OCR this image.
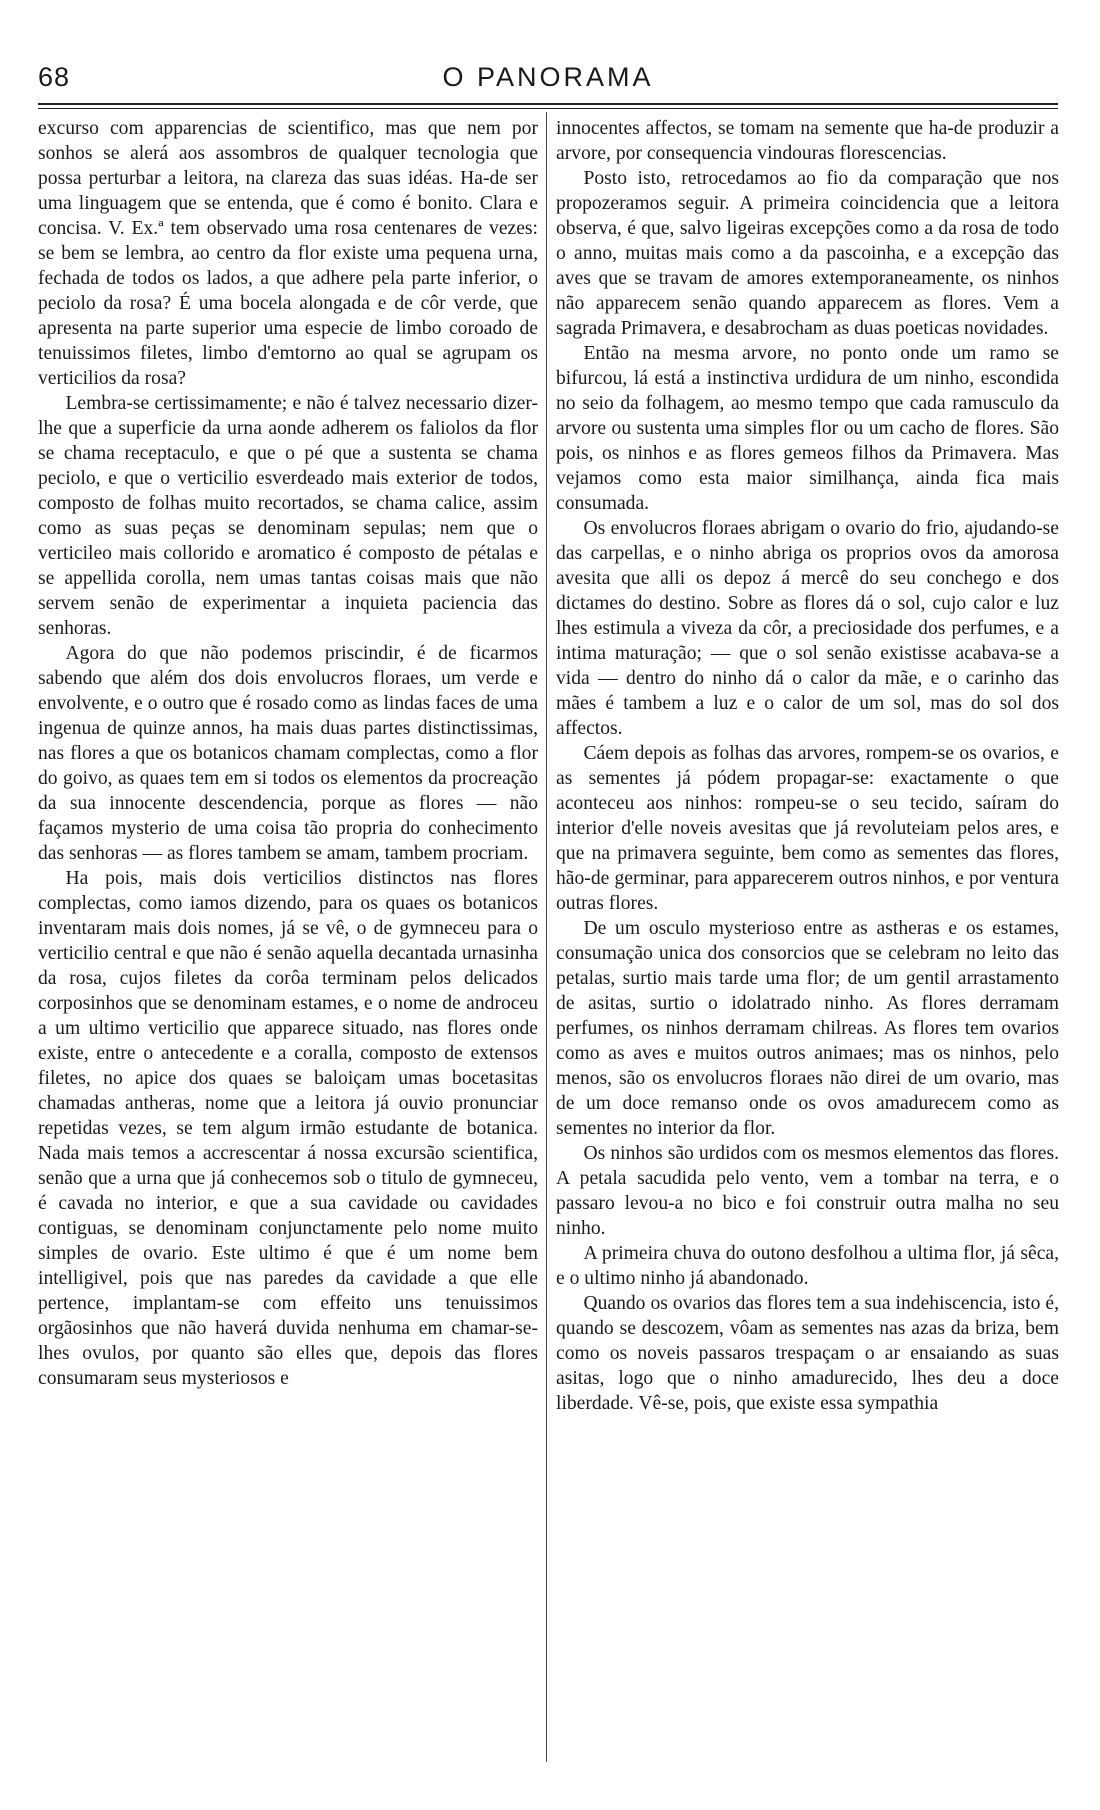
68	O PANORAMA

excurso com apparencias de scientifico, mas que nem por sonhos se alerá aos assombros de qualquer tecnologia que possa perturbar a leitora, na clareza das suas idéas. Ha-de ser uma linguagem que se entenda, que é como é bonito. Clara e concisa. V. Ex.ª tem observado uma rosa centenares de vezes: se bem se lembra, ao centro da flor existe uma pequena urna, fechada de todos os lados, a que adhere pela parte inferior, o peciolo da rosa? É uma bocela alongada e de côr verde, que apresenta na parte superior uma especie de limbo coroado de tenuissimos filetes, limbo d'emtorno ao qual se agrupam os verticilios da rosa?

Lembra-se certissimamente; e não é talvez necessario dizer-lhe que a superficie da urna aonde adherem os faliolos da flor se chama receptaculo, e que o pé que a sustenta se chama peciolo, e que o verticilio esverdeado mais exterior de todos, composto de folhas muito recortados, se chama calice, assim como as suas peças se denominam sepulas; nem que o verticileo mais collorido e aromatico é composto de pétalas e se appellida corolla, nem umas tantas coisas mais que não servem senão de experimentar a inquieta paciencia das senhoras.

Agora do que não podemos priscindir, é de ficarmos sabendo que além dos dois envolucros floraes, um verde e envolvente, e o outro que é rosado como as lindas faces de uma ingenua de quinze annos, ha mais duas partes distinctissimas, nas flores a que os botanicos chamam complectas, como a flor do goivo, as quaes tem em si todos os elementos da procreação da sua innocente descendencia, porque as flores — não façamos mysterio de uma coisa tão propria do conhecimento das senhoras — as flores tambem se amam, tambem procriam.

Ha pois, mais dois verticilios distinctos nas flores complectas, como iamos dizendo, para os quaes os botanicos inventaram mais dois nomes, já se vê, o de gymneceu para o verticilio central e que não é senão aquella decantada urnasinha da rosa, cujos filetes da corôa terminam pelos delicados corposinhos que se denominam estames, e o nome de androceu a um ultimo verticilio que apparece situado, nas flores onde existe, entre o antecedente e a coralla, composto de extensos filetes, no apice dos quaes se baloiçam umas bocetasitas chamadas antheras, nome que a leitora já ouvio pronunciar repetidas vezes, se tem algum irmão estudante de botanica. Nada mais temos a accrescentar á nossa excursão scientifica, senão que a urna que já conhecemos sob o titulo de gymneceu, é cavada no interior, e que a sua cavidade ou cavidades contiguas, se denominam conjunctamente pelo nome muito simples de ovario. Este ultimo é que é um nome bem intelligivel, pois que nas paredes da cavidade a que elle pertence, implantam-se com effeito uns tenuissimos orgãosinhos que não haverá duvida nenhuma em chamar-se-lhes ovulos, por quanto são elles que, depois das flores consumaram seus mysteriosos e

innocentes affectos, se tomam na semente que ha-de produzir a arvore, por consequencia vindouras florescencias.

Posto isto, retrocedamos ao fio da comparação que nos propozeramos seguir. A primeira coincidencia que a leitora observa, é que, salvo ligeiras excepções como a da rosa de todo o anno, muitas mais como a da pascoinha, e a excepção das aves que se travam de amores extemporaneamente, os ninhos não apparecem senão quando apparecem as flores. Vem a sagrada Primavera, e desabrocham as duas poeticas novidades.

Então na mesma arvore, no ponto onde um ramo se bifurcou, lá está a instinctiva urdidura de um ninho, escondida no seio da folhagem, ao mesmo tempo que cada ramusculo da arvore ou sustenta uma simples flor ou um cacho de flores. São pois, os ninhos e as flores gemeos filhos da Primavera. Mas vejamos como esta maior similhança, ainda fica mais consumada.

Os envolucros floraes abrigam o ovario do frio, ajudando-se das carpellas, e o ninho abriga os proprios ovos da amorosa avesita que alli os depoz á mercê do seu conchego e dos dictames do destino. Sobre as flores dá o sol, cujo calor e luz lhes estimula a viveza da côr, a preciosidade dos perfumes, e a intima maturação; — que o sol senão existisse acabava-se a vida — dentro do ninho dá o calor da mãe, e o carinho das mães é tambem a luz e o calor de um sol, mas do sol dos affectos.

Cáem depois as folhas das arvores, rompem-se os ovarios, e as sementes já pódem propagar-se: exactamente o que aconteceu aos ninhos: rompeu-se o seu tecido, saíram do interior d'elle noveis avesitas que já revoluteiam pelos ares, e que na primavera seguinte, bem como as sementes das flores, hão-de germinar, para apparecerem outros ninhos, e por ventura outras flores.

De um osculo mysterioso entre as astheras e os estames, consumação unica dos consorcios que se celebram no leito das petalas, surtio mais tarde uma flor; de um gentil arrastamento de asitas, surtio o idolatrado ninho. As flores derramam perfumes, os ninhos derramam chilreas. As flores tem ovarios como as aves e muitos outros animaes; mas os ninhos, pelo menos, são os envolucros floraes não direi de um ovario, mas de um doce remanso onde os ovos amadurecem como as sementes no interior da flor.

Os ninhos são urdidos com os mesmos elementos das flores. A petala sacudida pelo vento, vem a tombar na terra, e o passaro levou-a no bico e foi construir outra malha no seu ninho.

A primeira chuva do outono desfolhou a ultima flor, já sêca, e o ultimo ninho já abandonado.

Quando os ovarios das flores tem a sua indehiscencia, isto é, quando se descozem, vôam as sementes nas azas da briza, bem como os noveis passaros trespaçam o ar ensaiando as suas asitas, logo que o ninho amadurecido, lhes deu a doce liberdade. Vê-se, pois, que existe essa sympathia
